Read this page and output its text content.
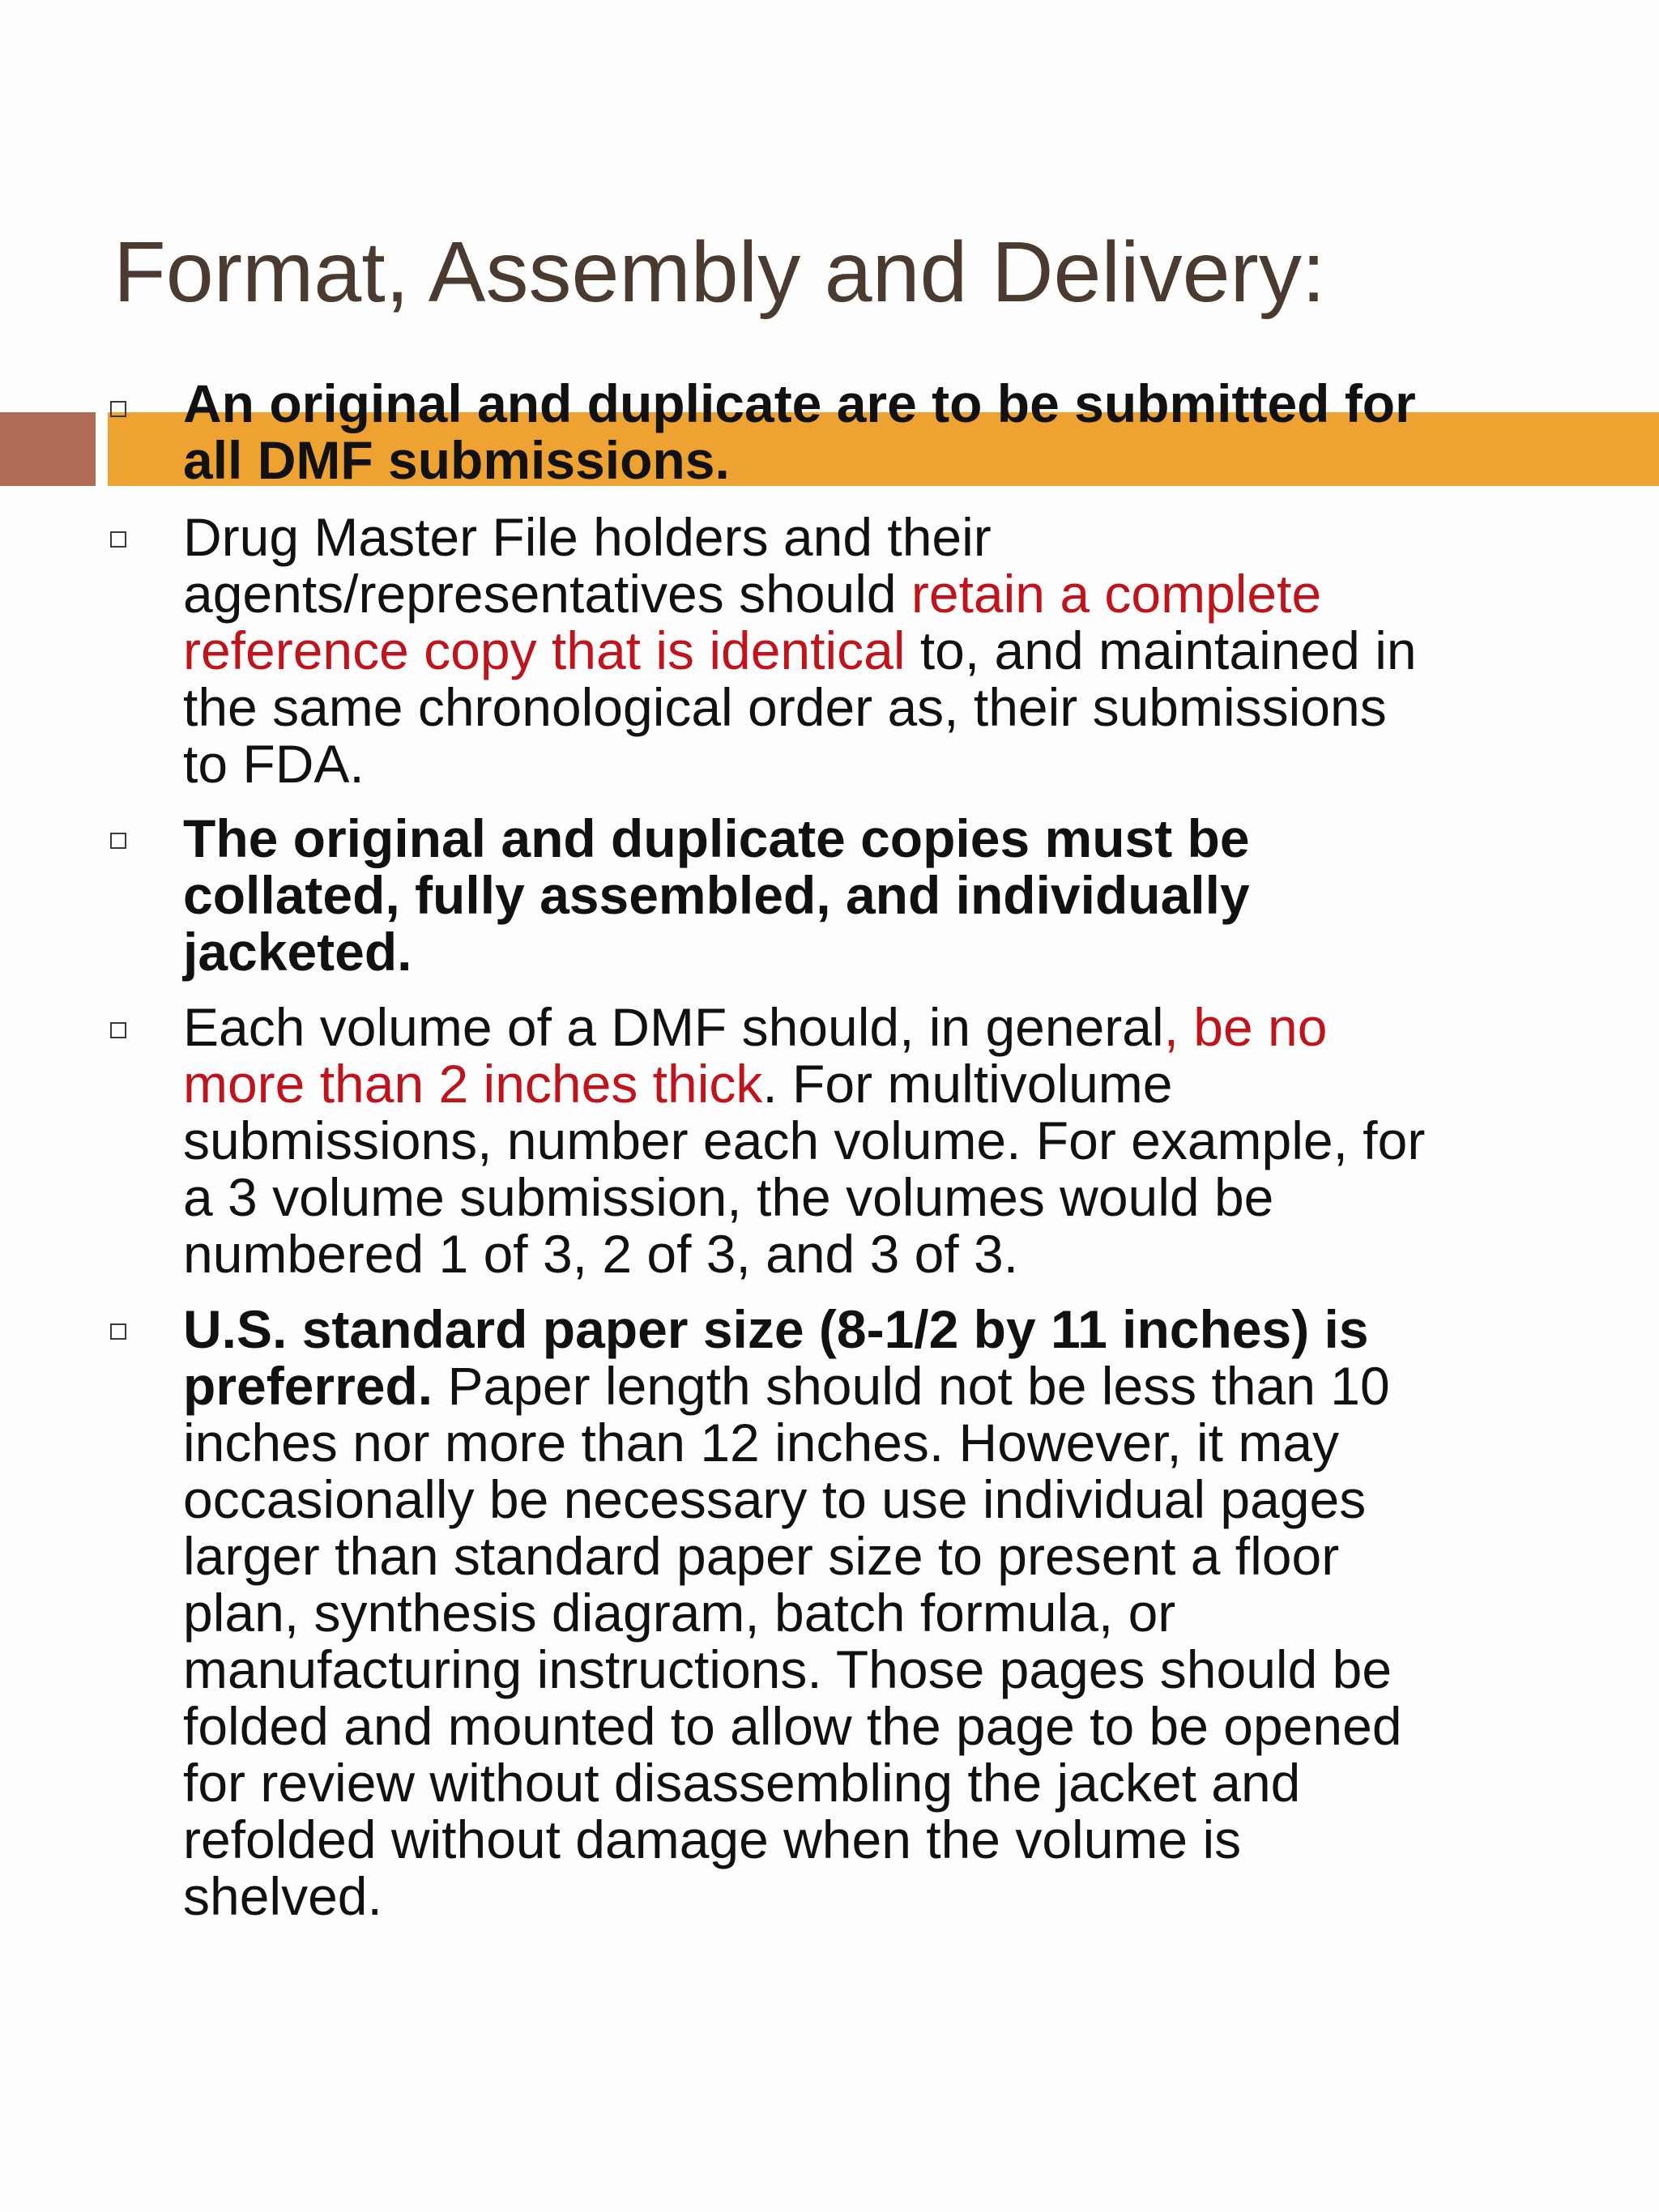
Format, Assembly and Delivery:

An original and duplicate are to be submitted for
all DMF submissions.

Drug Master File holders and their
agents/representatives should retain a complete
reference copy that is identical to, and maintained in
the same chronological order as, their submissions
to FDA.

The original and duplicate copies must be
collated, fully assembled, and individually
jacketed.

Each volume of a DMF should, in general, be no
more than 2 inches thick. For multivolume
submissions, number each volume. For example, for
a 3 volume submission, the volumes would be
numbered 1 of 3, 2 of 3, and 3 of 3.

U.S. standard paper size (8-1/2 by 11 inches) is
preferred. Paper length should not be less than 10
inches nor more than 12 inches. However, it may
occasionally be necessary to use individual pages
larger than standard paper size to present a floor
plan, synthesis diagram, batch formula, or
manufacturing instructions. Those pages should be
folded and mounted to allow the page to be opened
for review without disassembling the jacket and
refolded without damage when the volume is
shelved.
